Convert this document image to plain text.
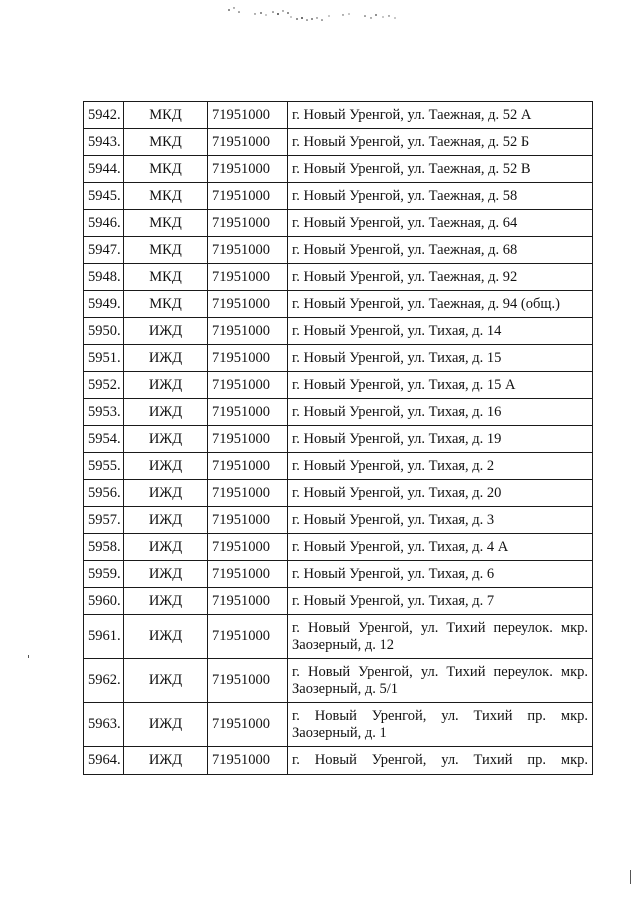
5942.	МКД	71951000	г. Новый Уренгой, ул. Таежная, д. 52 А
5943.	МКД	71951000	г. Новый Уренгой, ул. Таежная, д. 52 Б
5944.	МКД	71951000	г. Новый Уренгой, ул. Таежная, д. 52 В
5945.	МКД	71951000	г. Новый Уренгой, ул. Таежная, д. 58
5946.	МКД	71951000	г. Новый Уренгой, ул. Таежная, д. 64
5947.	МКД	71951000	г. Новый Уренгой, ул. Таежная, д. 68
5948.	МКД	71951000	г. Новый Уренгой, ул. Таежная, д. 92
5949.	МКД	71951000	г. Новый Уренгой, ул. Таежная, д. 94 (общ.)
5950.	ИЖД	71951000	г. Новый Уренгой, ул. Тихая, д. 14
5951.	ИЖД	71951000	г. Новый Уренгой, ул. Тихая, д. 15
5952.	ИЖД	71951000	г. Новый Уренгой, ул. Тихая, д. 15 А
5953.	ИЖД	71951000	г. Новый Уренгой, ул. Тихая, д. 16
5954.	ИЖД	71951000	г. Новый Уренгой, ул. Тихая, д. 19
5955.	ИЖД	71951000	г. Новый Уренгой, ул. Тихая, д. 2
5956.	ИЖД	71951000	г. Новый Уренгой, ул. Тихая, д. 20
5957.	ИЖД	71951000	г. Новый Уренгой, ул. Тихая, д. 3
5958.	ИЖД	71951000	г. Новый Уренгой, ул. Тихая, д. 4 А
5959.	ИЖД	71951000	г. Новый Уренгой, ул. Тихая, д. 6
5960.	ИЖД	71951000	г. Новый Уренгой, ул. Тихая, д. 7
5961.	ИЖД	71951000	г. Новый Уренгой, ул. Тихий переулок. мкр. Заозерный, д. 12
5962.	ИЖД	71951000	г. Новый Уренгой, ул. Тихий переулок. мкр. Заозерный, д. 5/1
5963.	ИЖД	71951000	г. Новый Уренгой, ул. Тихий пр. мкр. Заозерный, д. 1
5964.	ИЖД	71951000	г. Новый Уренгой, ул. Тихий пр. мкр.
